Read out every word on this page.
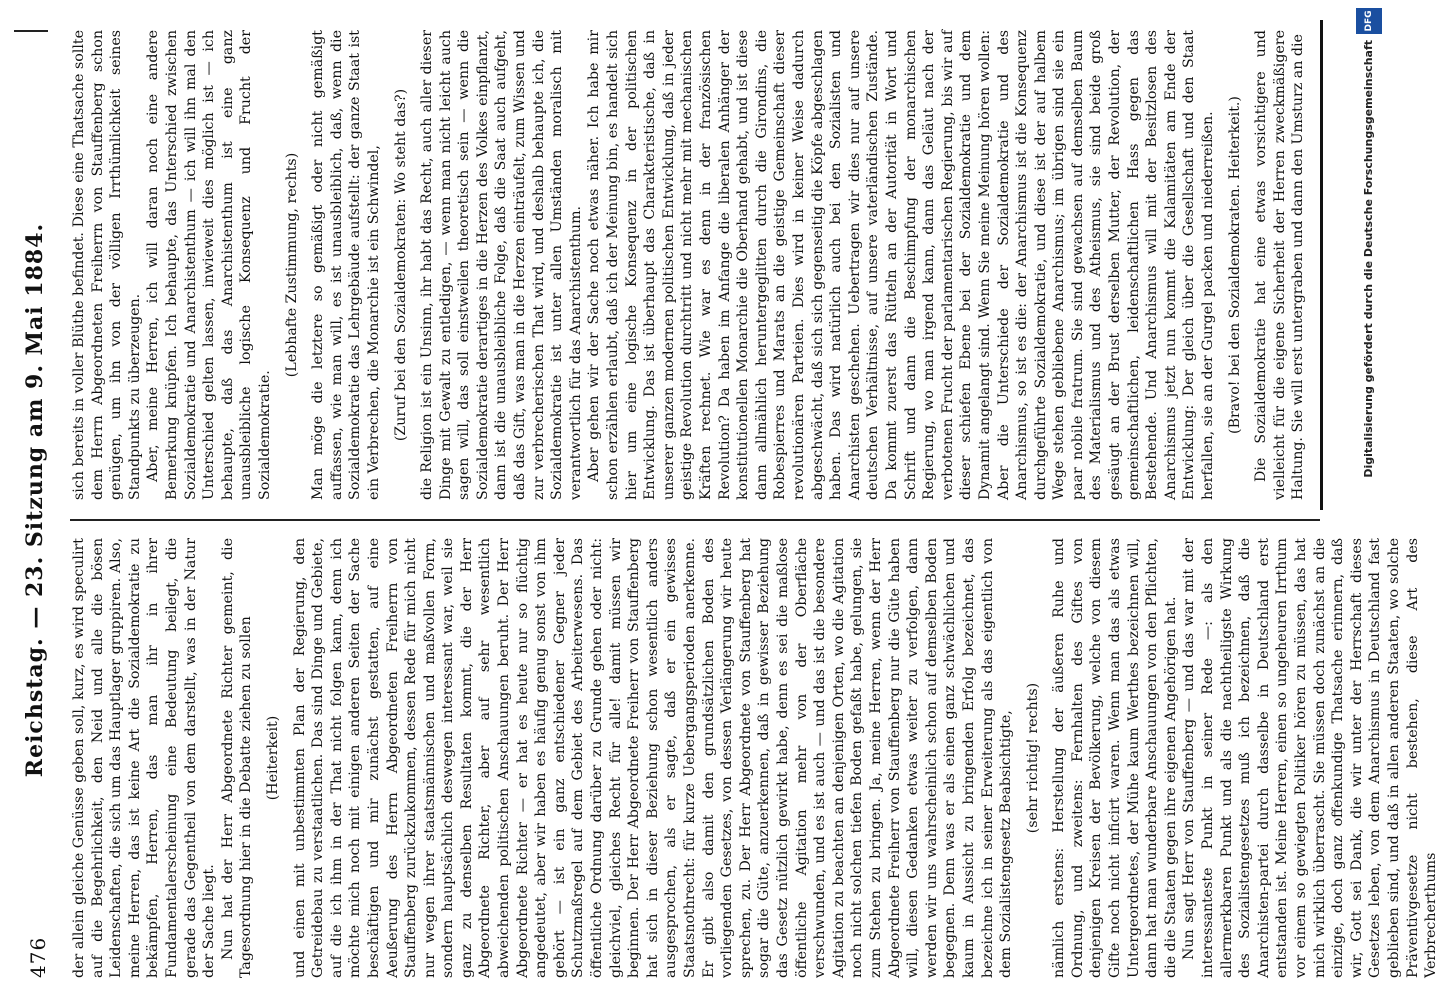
476
Reichstag. — 23. Sitzung am 9. Mai 1884. der allein gleiche Genüsse geben soll, kurz, es wird speculirt auf die Begehrlichkeit, den Neid und alle die bösen Leidenschaften, die sich um das Hauptlager gruppiren. Also, meine Herren, das ist keine Art die Sozialdemokratie zu bekämpfen, Herren, das man ihr in ihrer Fundamentalerscheinung eine Bedeutung beilegt, die gerade das Gegentheil von dem darstellt, was in der Natur der Sache liegt. Nun hat der Herr Abgeordnete Richter gemeint, die Tagesordnung hier in die Debatte ziehen zu sollen (Heiterkeit) und einen mit unbestimmten Plan der Regierung, den Getreidebau zu verstaatlichen. Das sind Dinge und Gebiete, auf die ich ihm in der That nicht folgen kann, denn ich möchte mich noch mit einigen anderen Seiten der Sache beschäftigen und mir zunächst gestatten, auf eine Aeußerung des Herrn Abgeordneten Freiherrn von Stauffenberg zurückzukommen, dessen Rede für mich nicht nur wegen ihrer staatsmännischen und maßvollen Form, sondern hauptsächlich deswegen interessant war, weil sie ganz zu denselben Resultaten kommt, die der Herr Abgeordnete Richter, aber auf sehr wesentlich abweichenden politischen Anschauungen beruht. Der Herr Abgeordnete Richter — er hat es heute nur so flüchtig angedeutet, aber wir haben es häufig genug sonst von ihm gehört — ist ein ganz entschiedener Gegner jeder Schutzmaßregel auf dem Gebiet des Arbeiterwesens. Das öffentliche Ordnung darüber zu Grunde gehen oder nicht: gleichviel, gleiches Recht für alle! damit müssen wir beginnen. Der Herr Abgeordnete Freiherr von Stauffenberg hat sich in dieser Beziehung schon wesentlich anders ausgesprochen, als er sagte, daß er ein gewisses Staatsnothrecht: für kurze Uebergangsperioden anerkenne. Er gibt also damit den grundsätzlichen Boden des vorliegenden Gesetzes, von dessen Verlängerung wir heute sprechen, zu. Der Herr Abgeordnete von Stauffenberg hat sogar die Güte, anzuerkennen, daß in gewisser Beziehung das Gesetz nützlich gewirkt habe, denn es sei die maßlose öffentliche Agitation mehr von der Oberfläche verschwunden, und es ist auch — und das ist die besondere Agitation zu beachten an denjenigen Orten, wo die Agitation noch nicht solchen tiefen Boden gefaßt habe, gelungen, sie zum Stehen zu bringen. Ja, meine Herren, wenn der Herr Abgeordnete Freiherr von Stauffenberg nur die Güte haben will, diesen Gedanken etwas weiter zu verfolgen, dann werden wir uns wahrscheinlich schon auf demselben Boden begegnen. Denn was er als einen ganz schwächlichen und kaum in Aussicht zu bringenden Erfolg bezeichnet, das bezeichne ich in seiner Erweiterung als das eigentlich von dem Sozialistengesetz Beabsichtigte, (sehr richtig! rechts) nämlich erstens: Herstellung der äußeren Ruhe und Ordnung, und zweitens: Fernhalten des Giftes von denjenigen Kreisen der Bevölkerung, welche von diesem Gifte noch nicht inficirt waren. Wenn man das als etwas Untergeordnetes, der Mühe kaum Werthes bezeichnen will, dann hat man wunderbare Anschauungen von den Pflichten, die die Staaten gegen ihre eigenen Angehörigen hat. Nun sagt Herr von Stauffenberg — und das war mit der interessanteste Punkt in seiner Rede —: als den allermerkbaren Punkt und als die nachtheiligste Wirkung des Sozialistengesetzes muß ich bezeichnen, daß die Anarchisten-partei durch dasselbe in Deutschland erst entstanden ist. Meine Herren, einen so ungeheuren Irrthum vor einem so gewiegten Politiker hören zu müssen, das hat mich wirklich überrascht. Sie müssen doch zunächst an die einzige, doch ganz offenkundige Thatsache erinnern, daß wir, Gott sei Dank, die wir unter der Herrschaft dieses Gesetzes leben, von dem Anarchismus in Deutschland fast geblieben sind, und daß in allen anderen Staaten, wo solche Präventivgesetze nicht bestehen, diese Art des Verbrecherthums

sich bereits in voller Blüthe befindet. Diese eine Thatsache sollte dem Herrn Abgeordneten Freiherrn von Stauffenberg schon genügen, um ihn von der völligen Irrthümlichkeit seines Standpunkts zu überzeugen. Aber, meine Herren, ich will daran noch eine andere Bemerkung knüpfen. Ich behaupte, das Unterschied zwischen Sozialdemokratie und Anarchistenthum — ich will ihn mal den Unterschied gelten lassen, inwieweit dies möglich ist — ich behaupte, daß das Anarchistenthum ist eine ganz unausbleibliche logische Konsequenz und Frucht der Sozialdemokratie.

(Lebhafte Zustimmung, rechts) Man möge die letztere so gemäßigt oder nicht gemäßigt auffassen, wie man will, es ist unausbleiblich, daß, wenn die Sozialdemokratie das Lehrgebäude aufstellt: der ganze Staat ist ein Verbrechen, die Monarchie ist ein Schwindel, (Zuruf bei den Sozialdemokraten: Wo steht das?) die Religion ist ein Unsinn, ihr habt das Recht, auch aller dieser Dinge mit Gewalt zu entledigen, — wenn man nicht leicht auch sagen will, das soll einstweilen theoretisch sein — wenn die Sozialdemokratie derartiges in die Herzen des Volkes einpflanzt, dann ist die unausbleibliche Folge, daß die Saat auch aufgeht, daß das Gift, was man in die Herzen einträufelt, zum Wissen und zur verbrecherischen That wird, und deshalb behaupte ich, die Sozialdemokratie ist unter allen Umständen moralisch mit verantwortlich für das Anarchistenthum. Aber gehen wir der Sache noch etwas näher. Ich habe mir schon erzählen erlaubt, daß ich der Meinung bin, es handelt sich hier um eine logische Konsequenz in der politischen Entwicklung. Das ist überhaupt das Charakteristische, daß in unserer ganzen modernen politischen Entwicklung, daß in jeder geistige Revolution durchtritt und nicht mehr mit mechanischen Kräften rechnet. Wie war es denn in der französischen Revolution? Da haben im Anfange die liberalen Anhänger der konstitutionellen Monarchie die Oberhand gehabt, und ist diese dann allmählich heruntergeglitten durch die Girondins, die Robespierres und Marats an die geistige Gemeinschaft dieser revolutionären Parteien. Dies wird in keiner Weise dadurch abgeschwächt, daß sich sich gegenseitig die Köpfe abgeschlagen haben. Das wird natürlich auch bei den Sozialisten und Anarchisten geschehen. Uebertragen wir dies nur auf unsere deutschen Verhältnisse, auf unsere vaterländischen Zustände. Da kommt zuerst das Rütteln an der Autorität in Wort und Schrift und dann die Beschimpfung der monarchischen Regierung, wo man irgend kann, dann das Geläut nach der verbotenen Frucht der parlamentarischen Regierung, bis wir auf dieser schiefen Ebene bei der Sozialdemokratie und dem Dynamit angelangt sind. Wenn Sie meine Meinung hören wollen: Aber die Unterschiede der Sozialdemokratie und des Anarchismus, so ist es die: der Anarchismus ist die Konsequenz durchgeführte Sozialdemokratie, und diese ist der auf halbem Wege stehen gebliebene Anarchismus; im übrigen sind sie ein paar nobile fratrum. Sie sind gewachsen auf demselben Baum des Materialismus und des Atheismus, sie sind beide groß gesäugt an der Brust derselben Mutter, der Revolution, der gemeinschaftlichen, leidenschaftlichen Hass gegen das Bestehende. Und Anarchismus will mit der Besitzlosen des Anarchismus jetzt nun kommt die Kalamitäten am Ende der Entwicklung: Der gleich über die Gesellschaft und den Staat herfallen, sie an der Gurgel packen und niederreißen. (Bravo! bei den Sozialdemokraten. Heiterkeit.) Die Sozialdemokratie hat eine etwas vorsichtigere und vielleicht für die eigene Sicherheit der Herren zweckmäßigere Haltung. Sie will erst untergraben und dann den Umsturz an die	Digitalisierung gefördert durch die Deutsche Forschungsgemeinschaft
DFG
